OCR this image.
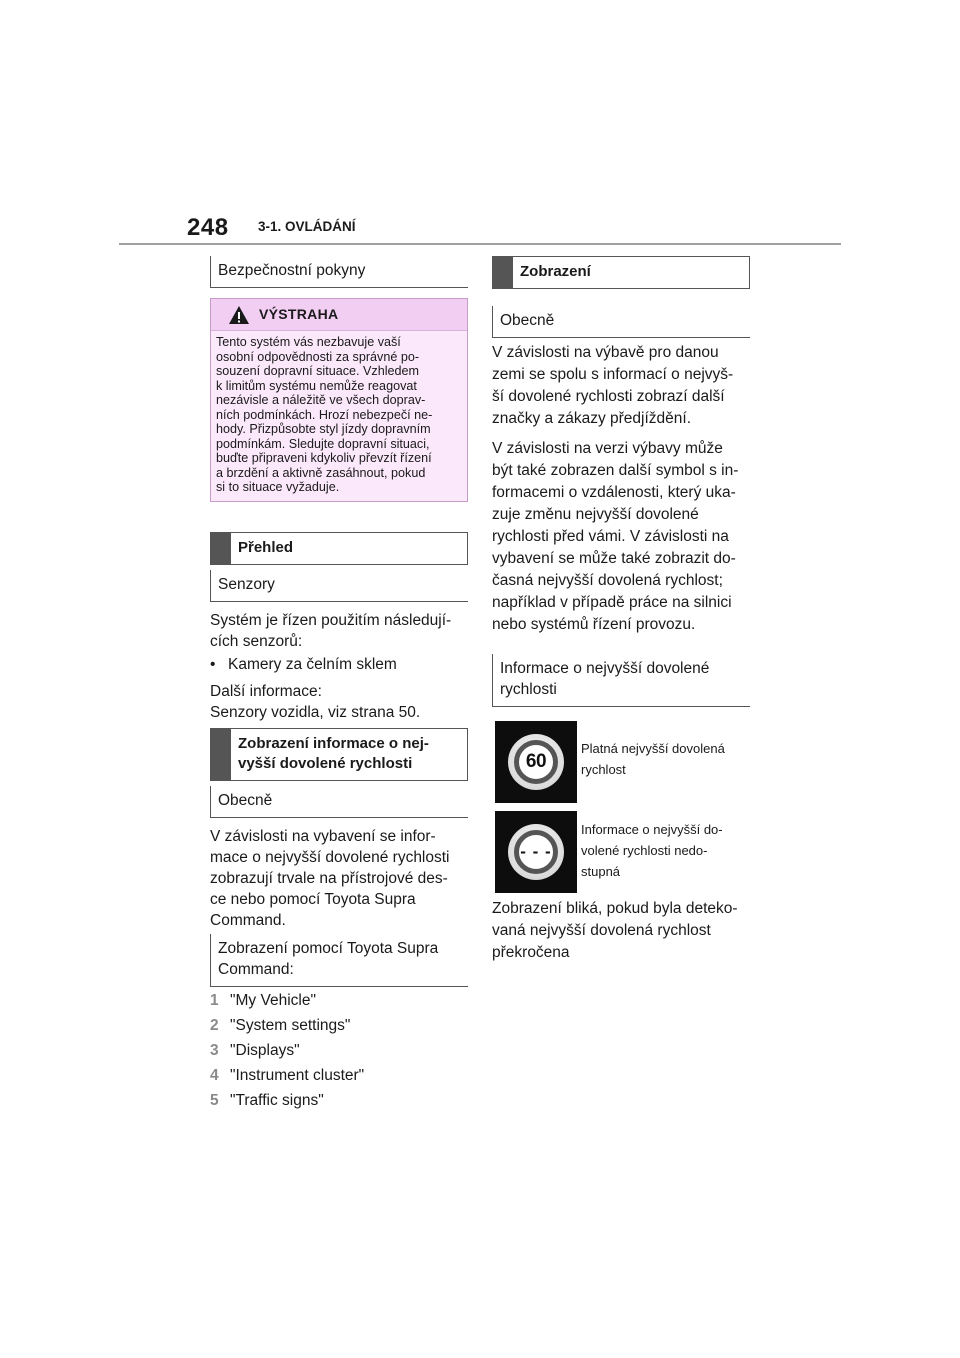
248 3-1. OVLÁDÁNÍ
Bezpečnostní pokyny
VÝSTRAHA
Tento systém vás nezbavuje vaší
osobní odpovědnosti za správné po-
souzení dopravní situace. Vzhledem
k limitům systému nemůže reagovat
nezávisle a náležitě ve všech doprav-
ních podmínkách. Hrozí nebezpečí ne-
hody. Přizpůsobte styl jízdy dopravním
podmínkám. Sledujte dopravní situaci,
buďte připraveni kdykoliv převzít řízení
a brzdění a aktivně zasáhnout, pokud
si to situace vyžaduje.
Přehled
Senzory
Systém je řízen použitím následují-
cích senzorů:
• Kamery za čelním sklem
Další informace:
Senzory vozidla, viz strana 50.
Zobrazení informace o nej-
vyšší dovolené rychlosti
Obecně
V závislosti na vybavení se infor-
mace o nejvyšší dovolené rychlosti
zobrazují trvale na přístrojové des-
ce nebo pomocí Toyota Supra
Command.
Zobrazení pomocí Toyota Supra
Command:
1 "My Vehicle"
2 "System settings"
3 "Displays"
4 "Instrument cluster"
5 "Traffic signs"
Zobrazení
Obecně
V závislosti na výbavě pro danou
zemi se spolu s informací o nejvyš-
ší dovolené rychlosti zobrazí další
značky a zákazy předjíždění.
V závislosti na verzi výbavy může
být také zobrazen další symbol s in-
formacemi o vzdálenosti, který uka-
zuje změnu nejvyšší dovolené
rychlosti před vámi. V závislosti na
vybavení se může také zobrazit do-
časná nejvyšší dovolená rychlost;
například v případě práce na silnici
nebo systémů řízení provozu.
Informace o nejvyšší dovolené
rychlosti
60
Platná nejvyšší dovolená
rychlost
- - -
Informace o nejvyšší do-
volené rychlosti nedo-
stupná
Zobrazení bliká, pokud byla deteko-
vaná nejvyšší dovolená rychlost
překročena
